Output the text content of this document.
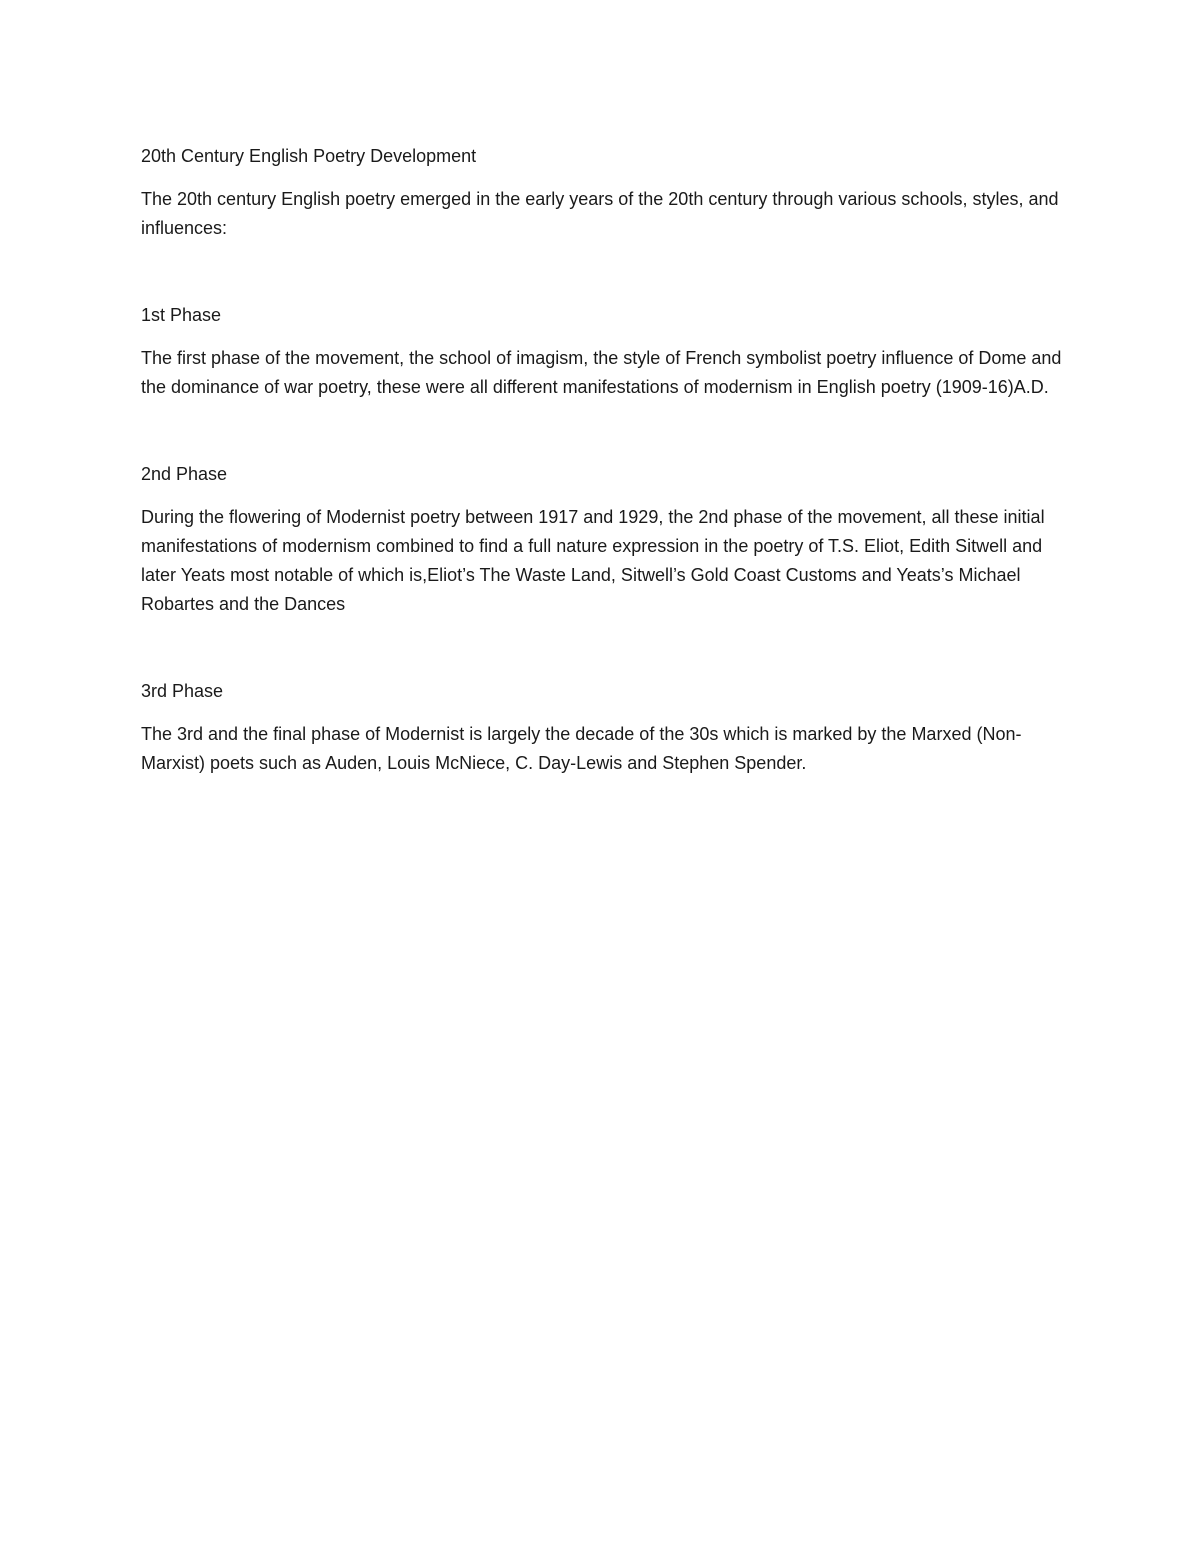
20th Century English Poetry Development

The 20th century English poetry emerged in the early years of the 20th century through various schools, styles, and influences:

1st Phase

The first phase of the movement, the school of imagism, the style of French symbolist poetry influence of Dome and the dominance of war poetry, these were all different manifestations of modernism in English poetry (1909-16)A.D.

2nd Phase

During the flowering of Modernist poetry between 1917 and 1929, the 2nd phase of the movement, all these initial manifestations of modernism combined to find a full nature expression in the poetry of T.S. Eliot, Edith Sitwell and later Yeats most notable of which is,Eliot’s The Waste Land, Sitwell’s Gold Coast Customs and Yeats’s Michael Robartes and the Dances

3rd Phase

The 3rd and the final phase of Modernist is largely the decade of the 30s which is marked by the Marxed (Non-Marxist) poets such as Auden, Louis McNiece, C. Day-Lewis and Stephen Spender.
